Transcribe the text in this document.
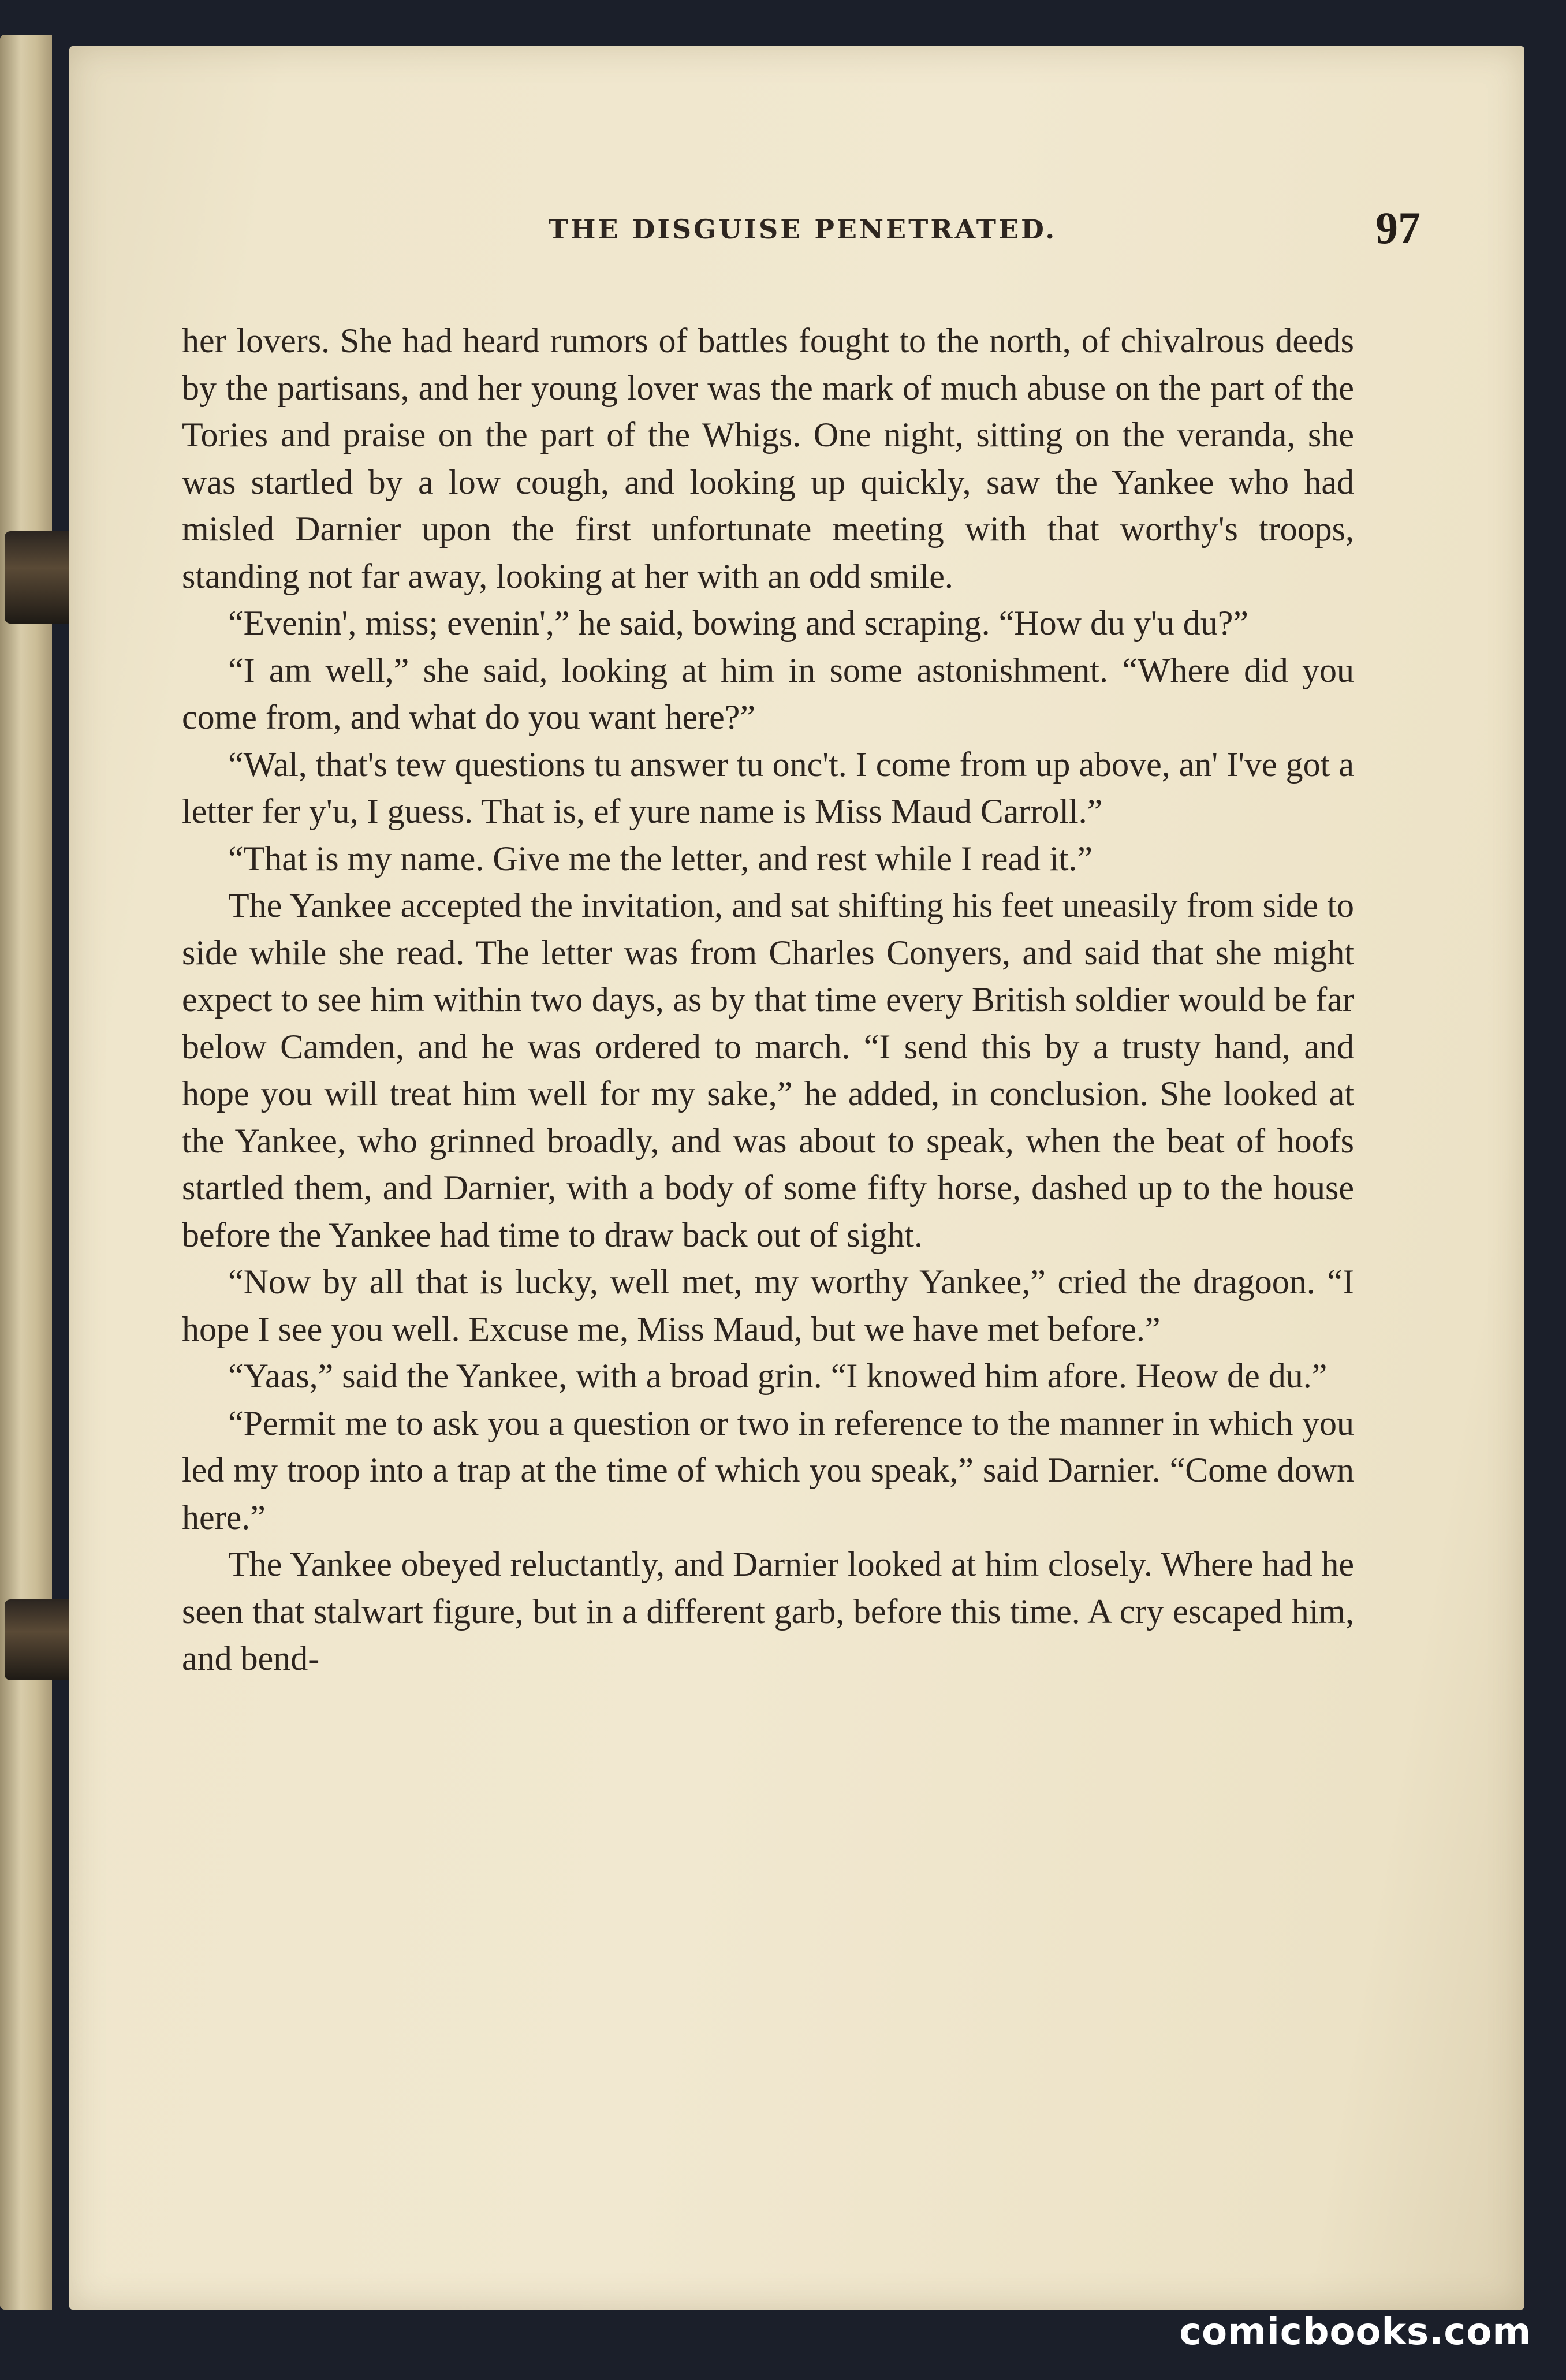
THE DISGUISE PENETRATED.	97

her lovers. She had heard rumors of battles fought to the north, of chivalrous deeds by the partisans, and her young lover was the mark of much abuse on the part of the Tories and praise on the part of the Whigs. One night, sitting on the veranda, she was startled by a low cough, and looking up quickly, saw the Yankee who had misled Darnier upon the first unfortunate meeting with that worthy's troops, standing not far away, looking at her with an odd smile.

“Evenin', miss; evenin',” he said, bowing and scraping. “How du y'u du?”

“I am well,” she said, looking at him in some astonishment. “Where did you come from, and what do you want here?”

“Wal, that's tew questions tu answer tu onc't. I come from up above, an' I've got a letter fer y'u, I guess. That is, ef yure name is Miss Maud Carroll.”

“That is my name. Give me the letter, and rest while I read it.”

The Yankee accepted the invitation, and sat shifting his feet uneasily from side to side while she read. The letter was from Charles Conyers, and said that she might expect to see him within two days, as by that time every British soldier would be far below Camden, and he was ordered to march. “I send this by a trusty hand, and hope you will treat him well for my sake,” he added, in conclusion. She looked at the Yankee, who grinned broadly, and was about to speak, when the beat of hoofs startled them, and Darnier, with a body of some fifty horse, dashed up to the house before the Yankee had time to draw back out of sight.

“Now by all that is lucky, well met, my worthy Yankee,” cried the dragoon. “I hope I see you well. Excuse me, Miss Maud, but we have met before.”

“Yaas,” said the Yankee, with a broad grin. “I knowed him afore. Heow de du.”

“Permit me to ask you a question or two in reference to the manner in which you led my troop into a trap at the time of which you speak,” said Darnier. “Come down here.”

The Yankee obeyed reluctantly, and Darnier looked at him closely. Where had he seen that stalwart figure, but in a different garb, before this time. A cry escaped him, and bend-

comicbooks.com
